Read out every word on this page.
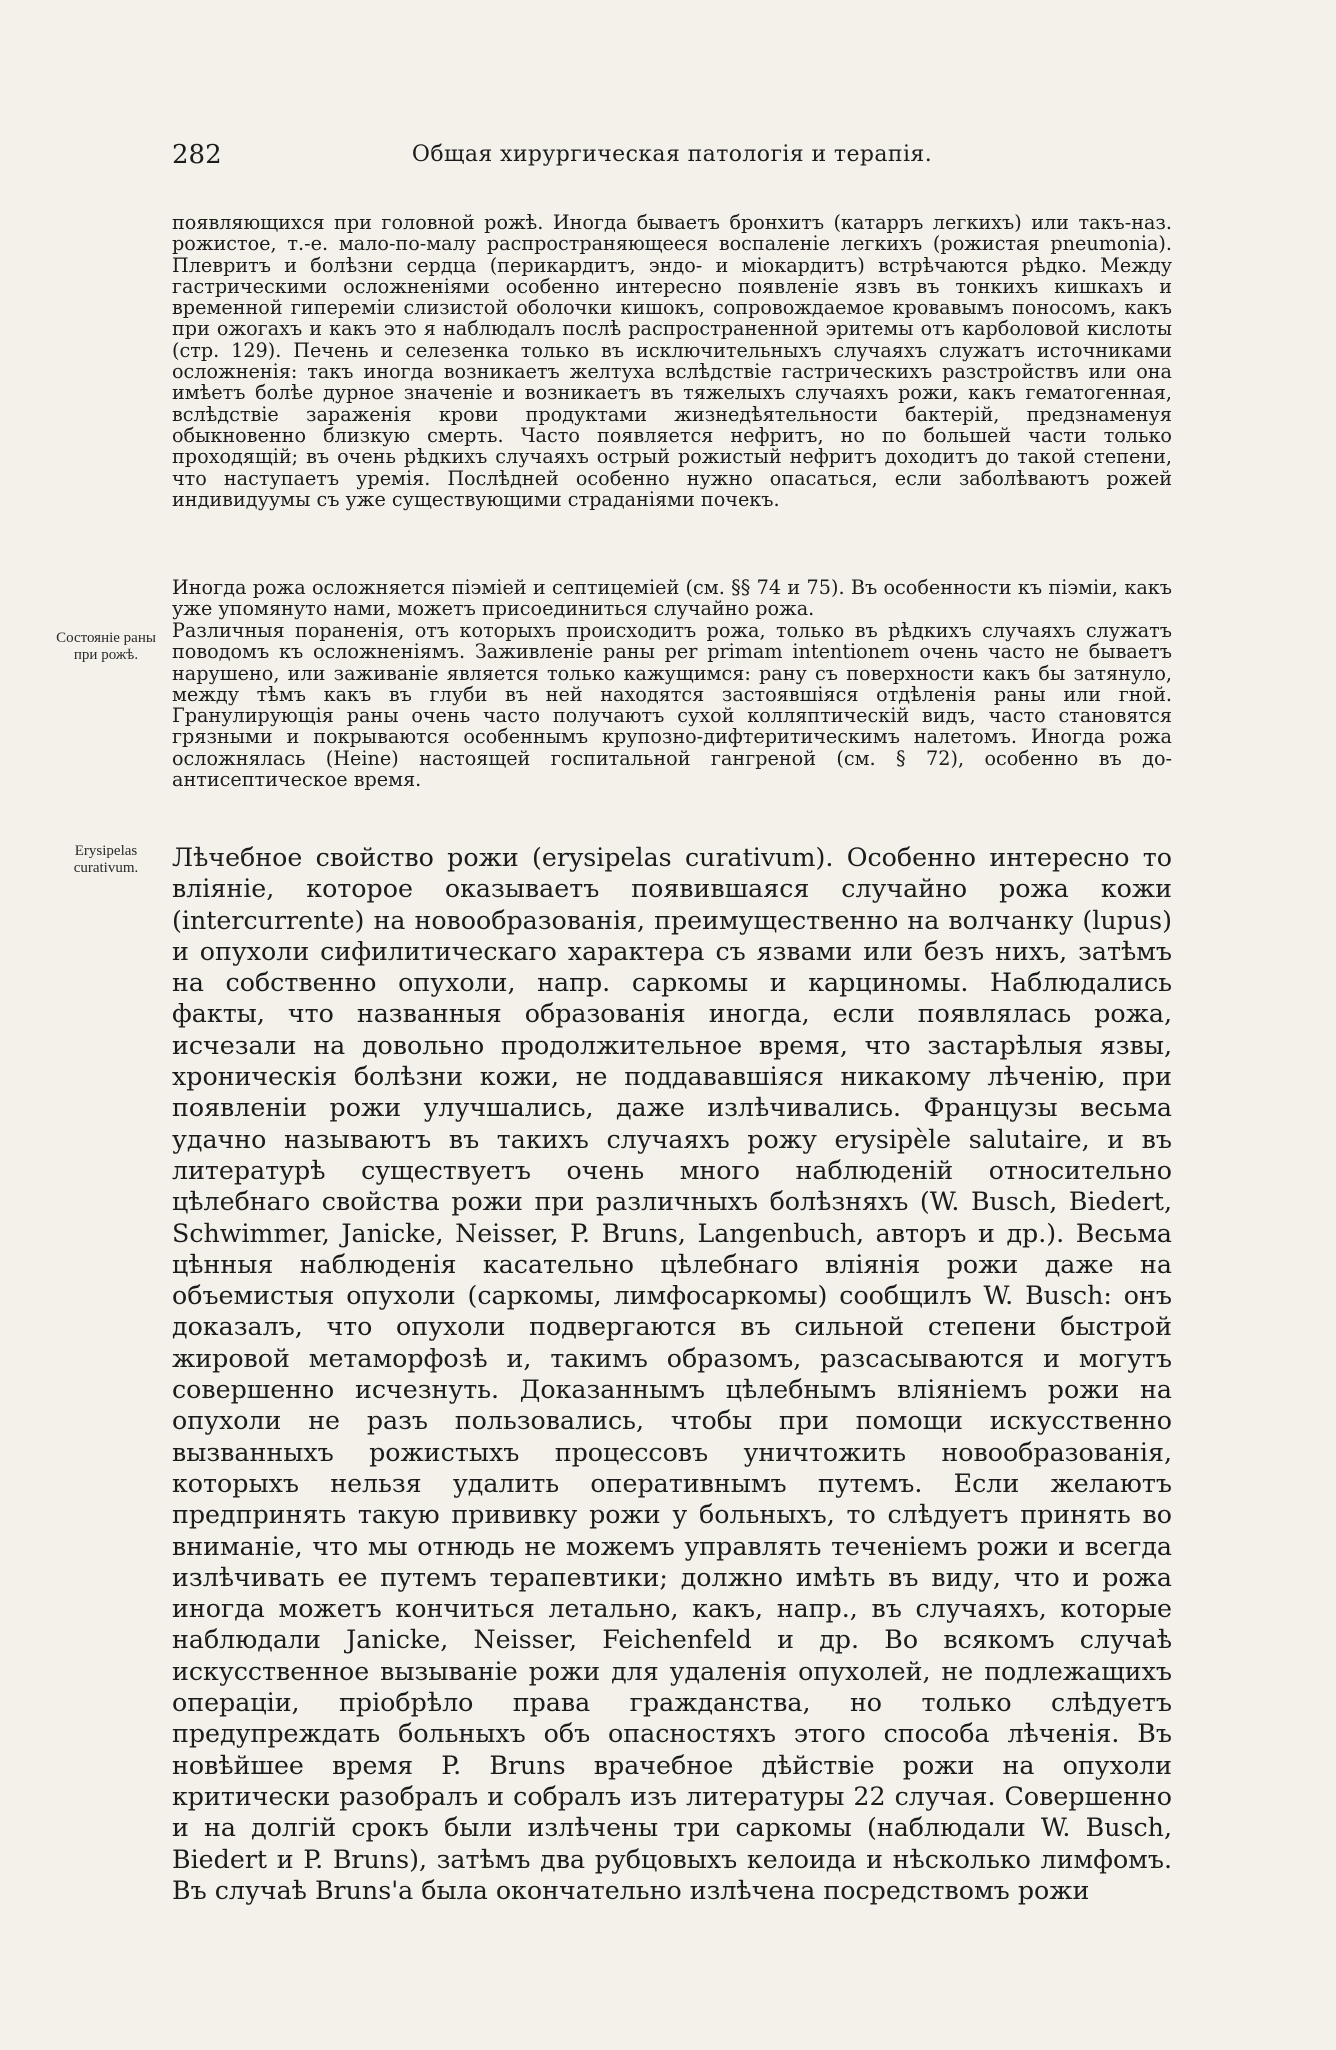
282	Общая хирургическая патологія и терапія.

появляющихся при головной рожѣ. Иногда бываетъ бронхитъ (катарръ легкихъ) или такъ-наз. рожистое, т.-е. мало-по-малу распространяющееся воспаленіе легкихъ (рожистая pneumonia). Плевритъ и болѣзни сердца (перикардитъ, эндо- и міокардитъ) встрѣчаются рѣдко. Между гастрическими осложненіями особенно интересно появленіе язвъ въ тонкихъ кишкахъ и временной гипереміи слизистой оболочки кишокъ, сопровождаемое кровавымъ поносомъ, какъ при ожогахъ и какъ это я наблюдалъ послѣ распространенной эритемы отъ карболовой кислоты (стр. 129). Печень и селезенка только въ исключительныхъ случаяхъ служатъ источниками осложненія: такъ иногда возникаетъ желтуха вслѣдствіе гастрическихъ разстройствъ или она имѣетъ болѣе дурное значеніе и возникаетъ въ тяжелыхъ случаяхъ рожи, какъ гематогенная, вслѣдствіе зараженія крови продуктами жизнедѣятельности бактерій, предзнаменуя обыкновенно близкую смерть. Часто появляется нефритъ, но по большей части только проходящій; въ очень рѣдкихъ случаяхъ острый рожистый нефритъ доходитъ до такой степени, что наступаетъ уремія. Послѣдней особенно нужно опасаться, если заболѣваютъ рожей индивидуумы съ уже существующими страданіями почекъ.

Иногда рожа осложняется піэміей и септицеміей (см. §§ 74 и 75). Въ особенности къ піэміи, какъ уже упомянуто нами, можетъ присоединиться случайно рожа.

Состояніе раны при рожѣ.

Различныя пораненія, отъ которыхъ происходитъ рожа, только въ рѣдкихъ случаяхъ служатъ поводомъ къ осложненіямъ. Заживленіе раны per primam intentionem очень часто не бываетъ нарушено, или заживаніе является только кажущимся: рану съ поверхности какъ бы затянуло, между тѣмъ какъ въ глуби въ ней находятся застоявшіяся отдѣленія раны или гной. Гранулирующія раны очень часто получаютъ сухой колляптическій видъ, часто становятся грязными и покрываются особеннымъ крупозно-дифтеритическимъ налетомъ. Иногда рожа осложнялась (Heine) настоящей госпитальной гангреной (см. § 72), особенно въ до-антисептическое время.

Erysipelas curativum.	Лѣчебное свойство рожи (erysipelas curativum). Особенно интересно то вліяніе, которое оказываетъ появившаяся случайно рожа кожи (intercurrente) на новообразованія, преимущественно на волчанку (lupus) и опухоли сифилитическаго характера съ язвами или безъ нихъ, затѣмъ на собственно опухоли, напр. саркомы и карциномы. Наблюдались факты, что названныя образованія иногда, если появлялась рожа, исчезали на довольно продолжительное время, что застарѣлыя язвы, хроническія болѣзни кожи, не поддававшіяся никакому лѣченію, при появленіи рожи улучшались, даже излѣчивались. Французы весьма удачно называютъ въ такихъ случаяхъ рожу erysipèle salutaire, и въ литературѣ существуетъ очень много наблюденій относительно цѣлебнаго свойства рожи при различныхъ болѣзняхъ (W. Busch, Biedert, Schwimmer, Janicke, Neisser, P. Bruns, Langenbuch, авторъ и др.). Весьма цѣнныя наблюденія касательно цѣлебнаго вліянія рожи даже на объемистыя опухоли (саркомы, лимфосаркомы) сообщилъ W. Busch: онъ доказалъ, что опухоли подвергаются въ сильной степени быстрой жировой метаморфозѣ и, такимъ образомъ, разсасываются и могутъ совершенно исчезнуть. Доказаннымъ цѣлебнымъ вліяніемъ рожи на опухоли не разъ пользовались, чтобы при помощи искусственно вызванныхъ рожистыхъ процессовъ уничтожить новообразованія, которыхъ нельзя удалить оперативнымъ путемъ. Если желаютъ предпринять такую прививку рожи у больныхъ, то слѣдуетъ принять во вниманіе, что мы отнюдь не можемъ управлять теченіемъ рожи и всегда излѣчивать ее путемъ терапевтики; должно имѣть въ виду, что и рожа иногда можетъ кончиться летально, какъ, напр., въ случаяхъ, которые наблюдали Janicke, Neisser, Feichenfeld и др. Во всякомъ случаѣ искусственное вызываніе рожи для удаленія опухолей, не подлежащихъ операціи, пріобрѣло права гражданства, но только слѣдуетъ предупреждать больныхъ объ опасностяхъ этого способа лѣченія. Въ новѣйшее время P. Bruns врачебное дѣйствіе рожи на опухоли критически разобралъ и собралъ изъ литературы 22 случая. Совершенно и на долгій срокъ были излѣчены три саркомы (наблюдали W. Busch, Biedert и P. Bruns), затѣмъ два рубцовыхъ келоида и нѣсколько лимфомъ. Въ случаѣ Bruns'а была окончательно излѣчена посредствомъ рожи
